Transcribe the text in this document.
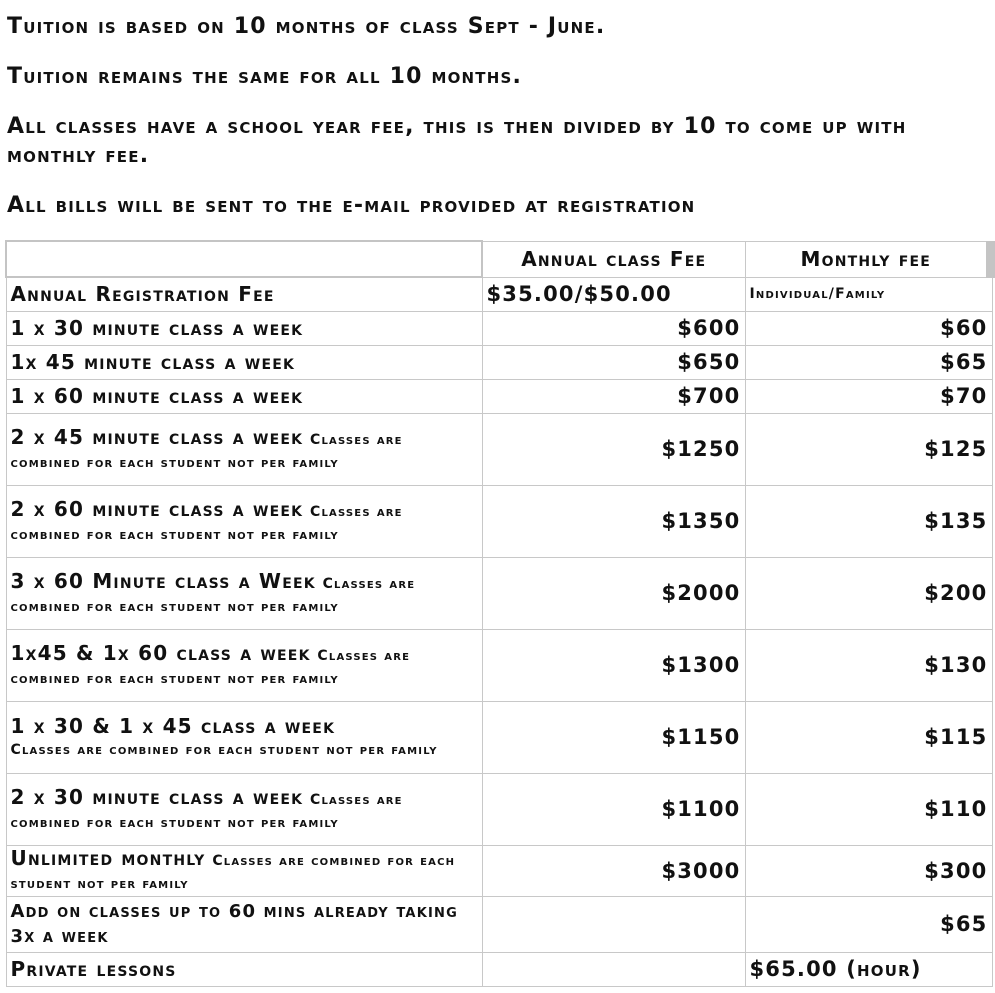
Tuition is based on 10 months of class Sept - June.
Tuition remains the same for all 10 months.
All classes have a school year fee, this is then divided by 10 to come up with monthly fee.
All bills will be sent to the e-mail provided at registration
	Annual class Fee	Monthly fee
Annual Registration Fee	$35.00/$50.00	Individual/Family
1 x 30 minute class a week	$600	$60
1x 45 minute class a week	$650	$65
1 x 60 minute class a week	$700	$70
2 x 45 minute class a week Classes are combined for each student not per family	$1250	$125
2 x 60 minute class a week Classes are combined for each student not per family	$1350	$135
3 x 60 Minute class a Week Classes are combined for each student not per family	$2000	$200
1x45 & 1x 60 class a week Classes are combined for each student not per family	$1300	$130

1 x 30 & 1 x 45 class a week
Classes are combined for each student not per family	$1150	$115
2 x 30 minute class a week Classes are combined for each student not per family	$1100	$110
Unlimited monthly Classes are combined for each student not per family	$3000	$300
Add on classes up to 60 mins already taking 3x a week		$65
Private lessons		$65.00 (hour)
